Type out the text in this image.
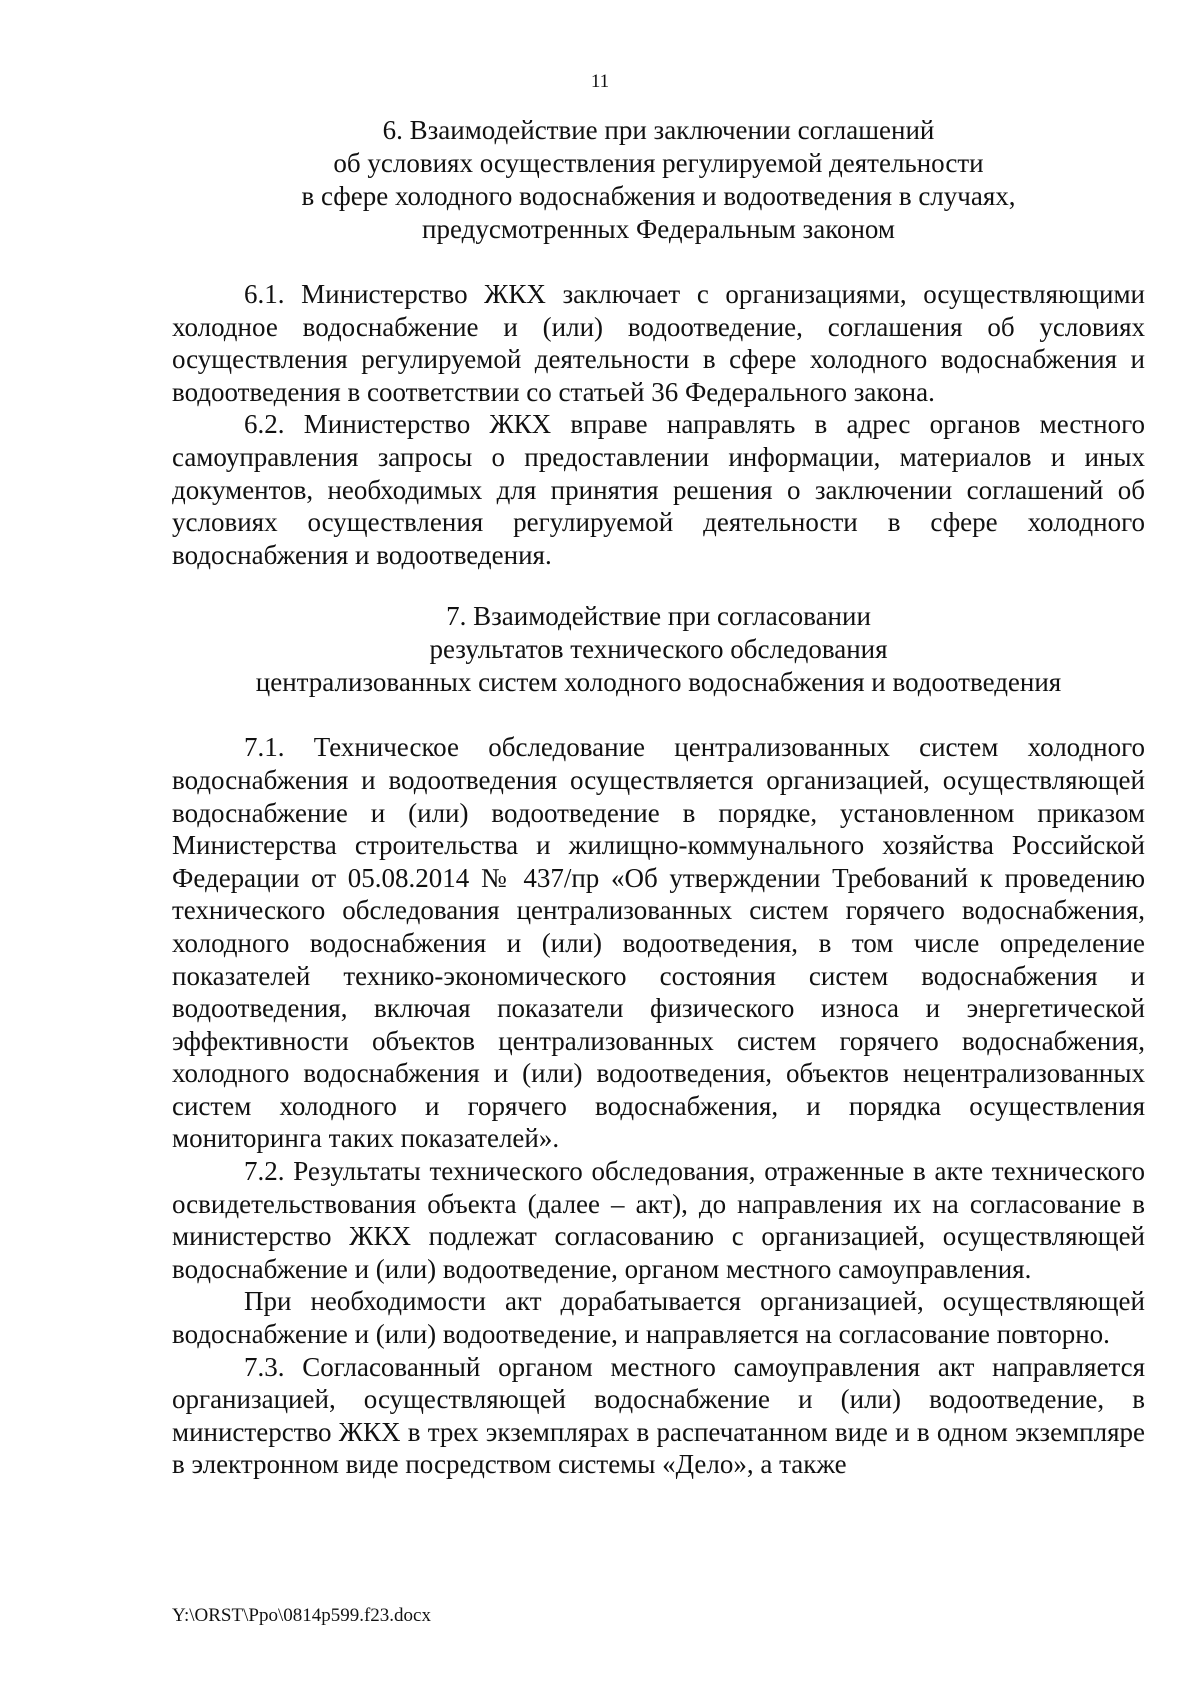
11
6. Взаимодействие при заключении соглашений
об условиях осуществления регулируемой деятельности
в сфере холодного водоснабжения и водоотведения в случаях,
предусмотренных Федеральным законом

6.1. Министерство ЖКХ заключает с организациями, осуществляющими холодное водоснабжение и (или) водоотведение, соглашения об условиях осуществления регулируемой деятельности в сфере холодного водоснабжения и водоотведения в соответствии со статьей 36 Федерального закона.

6.2. Министерство ЖКХ вправе направлять в адрес органов местного самоуправления запросы о предоставлении информации, материалов и иных документов, необходимых для принятия решения о заключении соглашений об условиях осуществления регулируемой деятельности в сфере холодного водоснабжения и водоотведения.

7. Взаимодействие при согласовании
результатов технического обследования
централизованных систем холодного водоснабжения и водоотведения

7.1. Техническое обследование централизованных систем холодного водоснабжения и водоотведения осуществляется организацией, осуществляющей водоснабжение и (или) водоотведение в порядке, установленном приказом Министерства строительства и жилищно-коммунального хозяйства Российской Федерации от 05.08.2014 № 437/пр «Об утверждении Требований к проведению технического обследования централизованных систем горячего водоснабжения, холодного водоснабжения и (или) водоотведения, в том числе определение показателей технико-экономического состояния систем водоснабжения и водоотведения, включая показатели физического износа и энергетической эффективности объектов централизованных систем горячего водоснабжения, холодного водоснабжения и (или) водоотведения, объектов нецентрализованных систем холодного и горячего водоснабжения, и порядка осуществления мониторинга таких показателей».

7.2. Результаты технического обследования, отраженные в акте технического освидетельствования объекта (далее – акт), до направления их на согласование в министерство ЖКХ подлежат согласованию с организацией, осуществляющей водоснабжение и (или) водоотведение, органом местного самоуправления.

При необходимости акт дорабатывается организацией, осуществляющей водоснабжение и (или) водоотведение, и направляется на согласование повторно.

7.3. Согласованный органом местного самоуправления акт направляется организацией, осуществляющей водоснабжение и (или) водоотведение, в министерство ЖКХ в трех экземплярах в распечатанном виде и в одном экземпляре в электронном виде посредством системы «Дело», а также

Y:\ORST\Ppo\0814p599.f23.docx
